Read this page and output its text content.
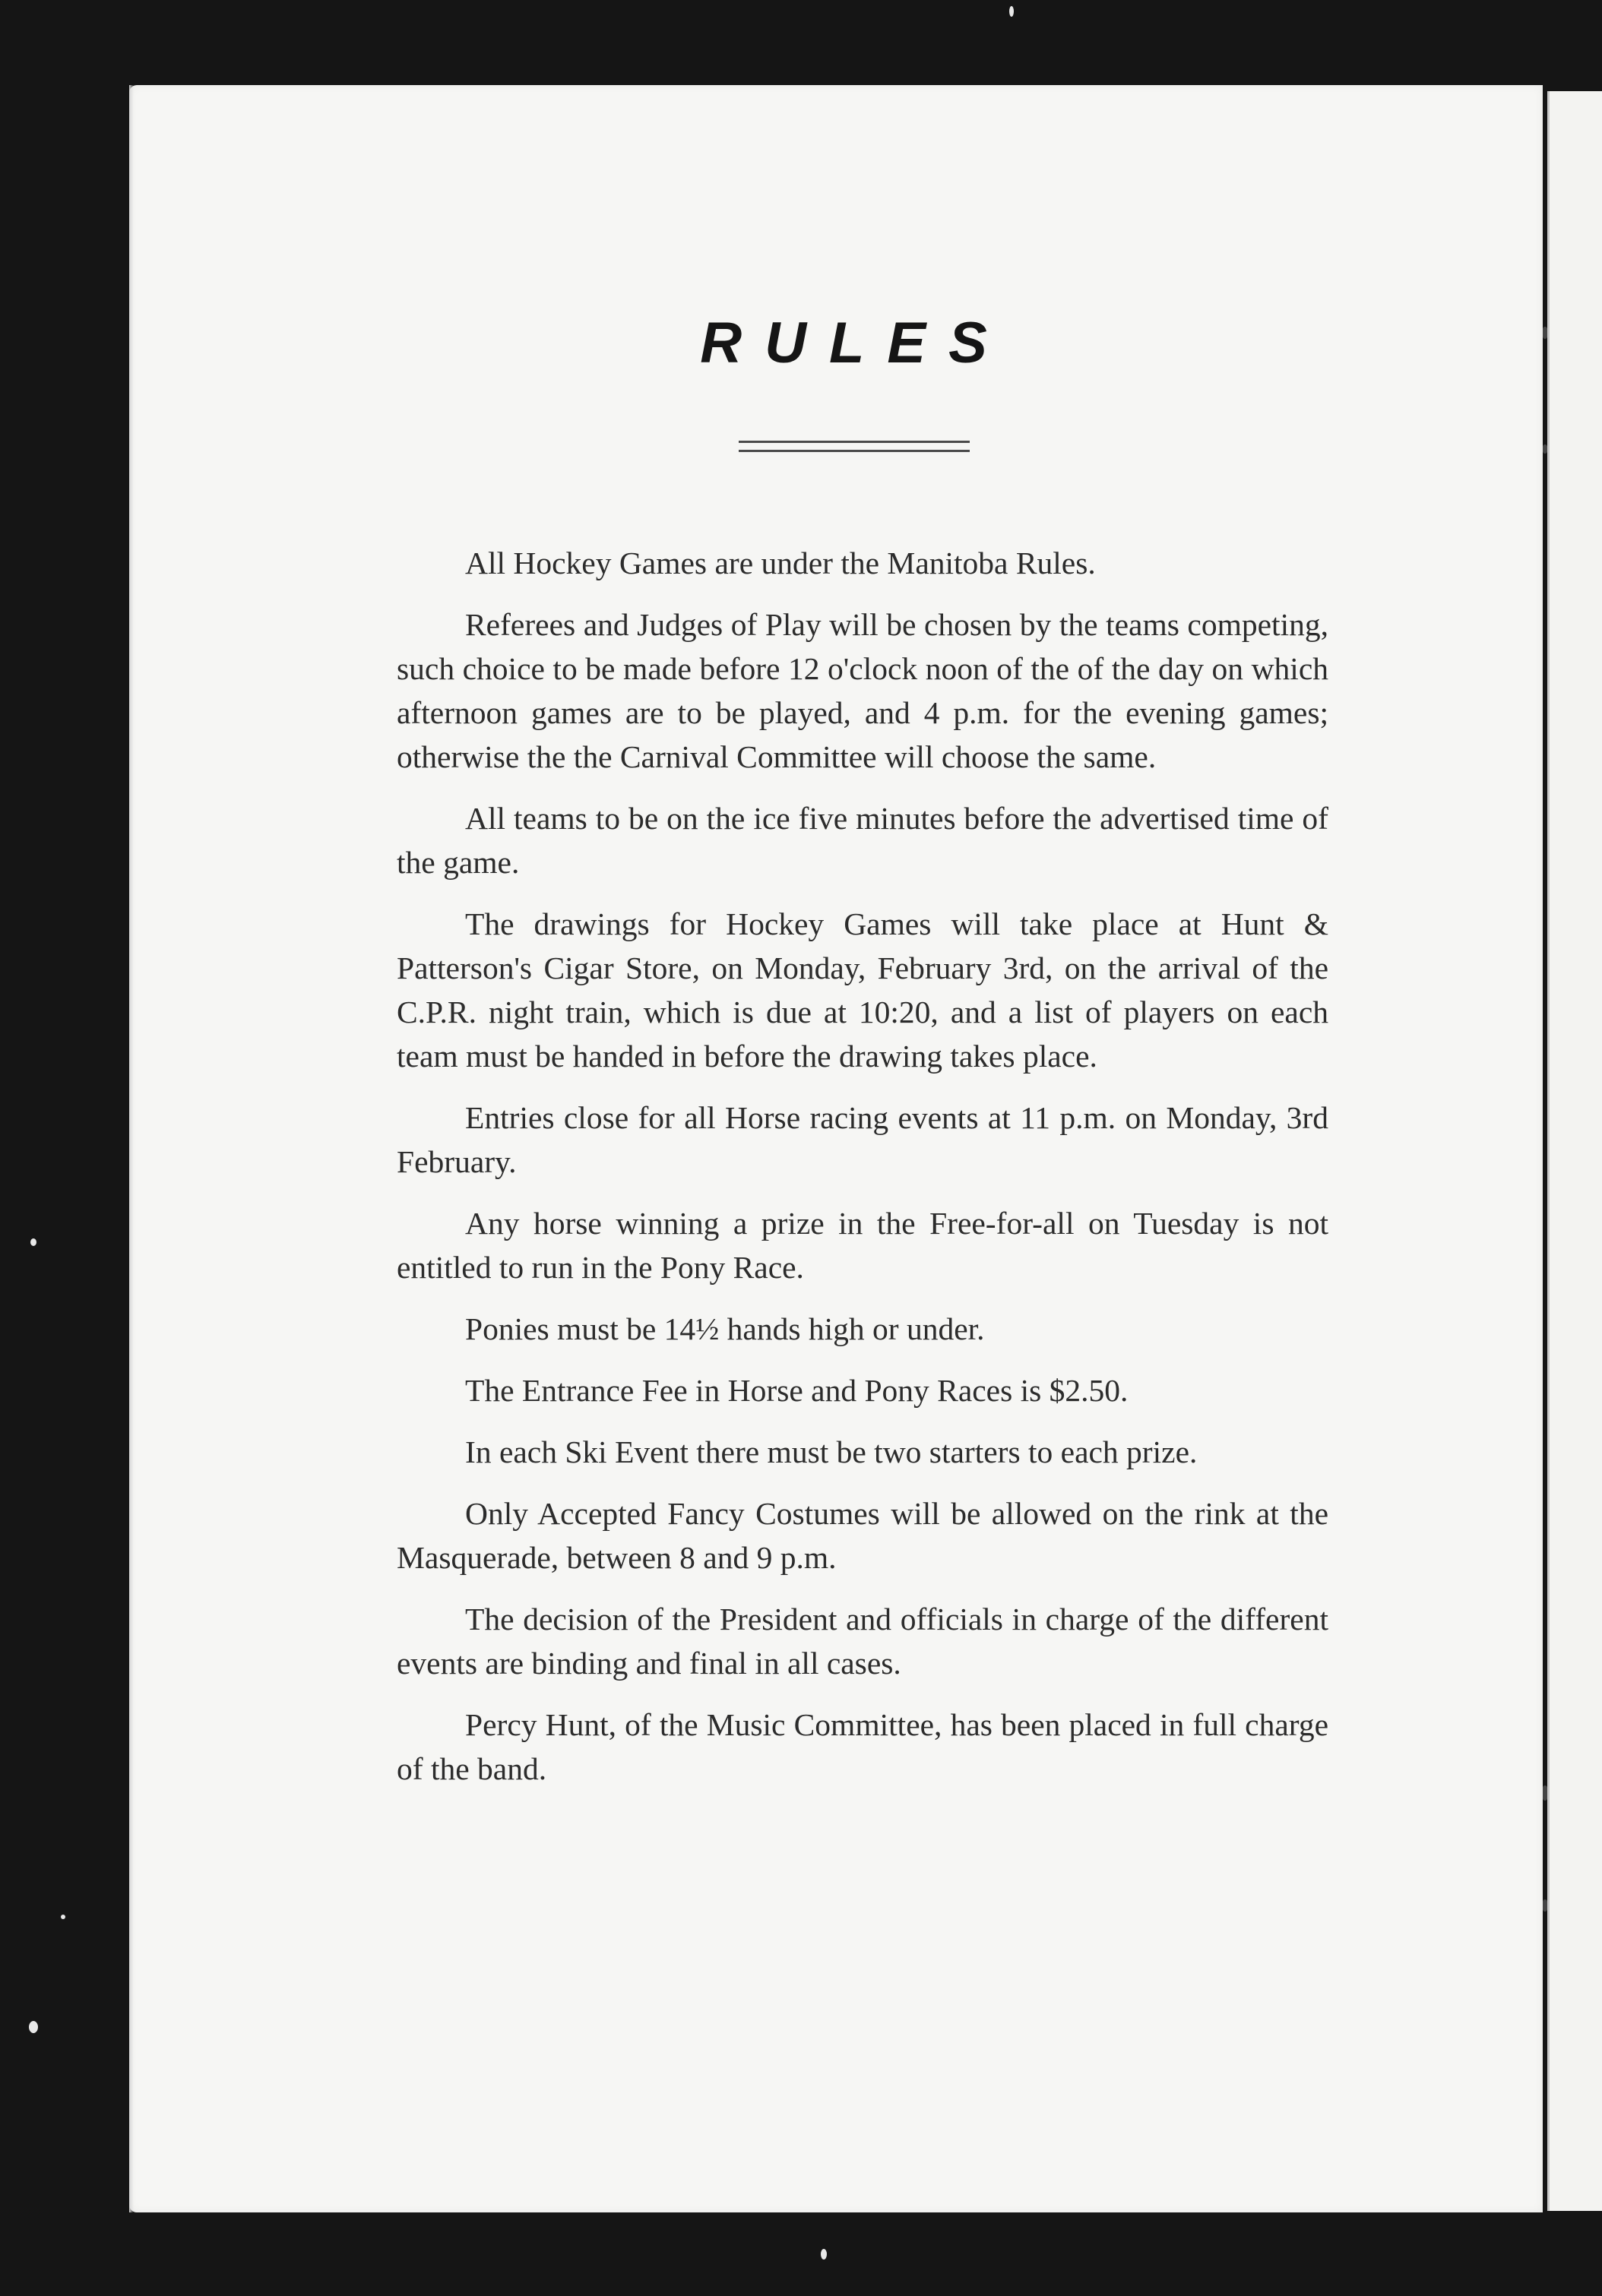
RULES

All Hockey Games are under the Manitoba Rules.

Referees and Judges of Play will be chosen by the teams competing, such choice to be made before 12 o'clock noon of the of the day on which afternoon games are to be played, and 4 p.m. for the evening games; otherwise the the Carnival Committee will choose the same.

All teams to be on the ice five minutes before the advertised time of the game.

The drawings for Hockey Games will take place at Hunt & Patterson's Cigar Store, on Monday, February 3rd, on the arrival of the C.P.R. night train, which is due at 10:20, and a list of players on each team must be handed in before the drawing takes place.

Entries close for all Horse racing events at 11 p.m. on Monday, 3rd February.

Any horse winning a prize in the Free-for-all on Tuesday is not entitled to run in the Pony Race.

Ponies must be 14½ hands high or under.

The Entrance Fee in Horse and Pony Races is $2.50.

In each Ski Event there must be two starters to each prize.

Only Accepted Fancy Costumes will be allowed on the rink at the Masquerade, between 8 and 9 p.m.

The decision of the President and officials in charge of the different events are binding and final in all cases.

Percy Hunt, of the Music Committee, has been placed in full charge of the band.
